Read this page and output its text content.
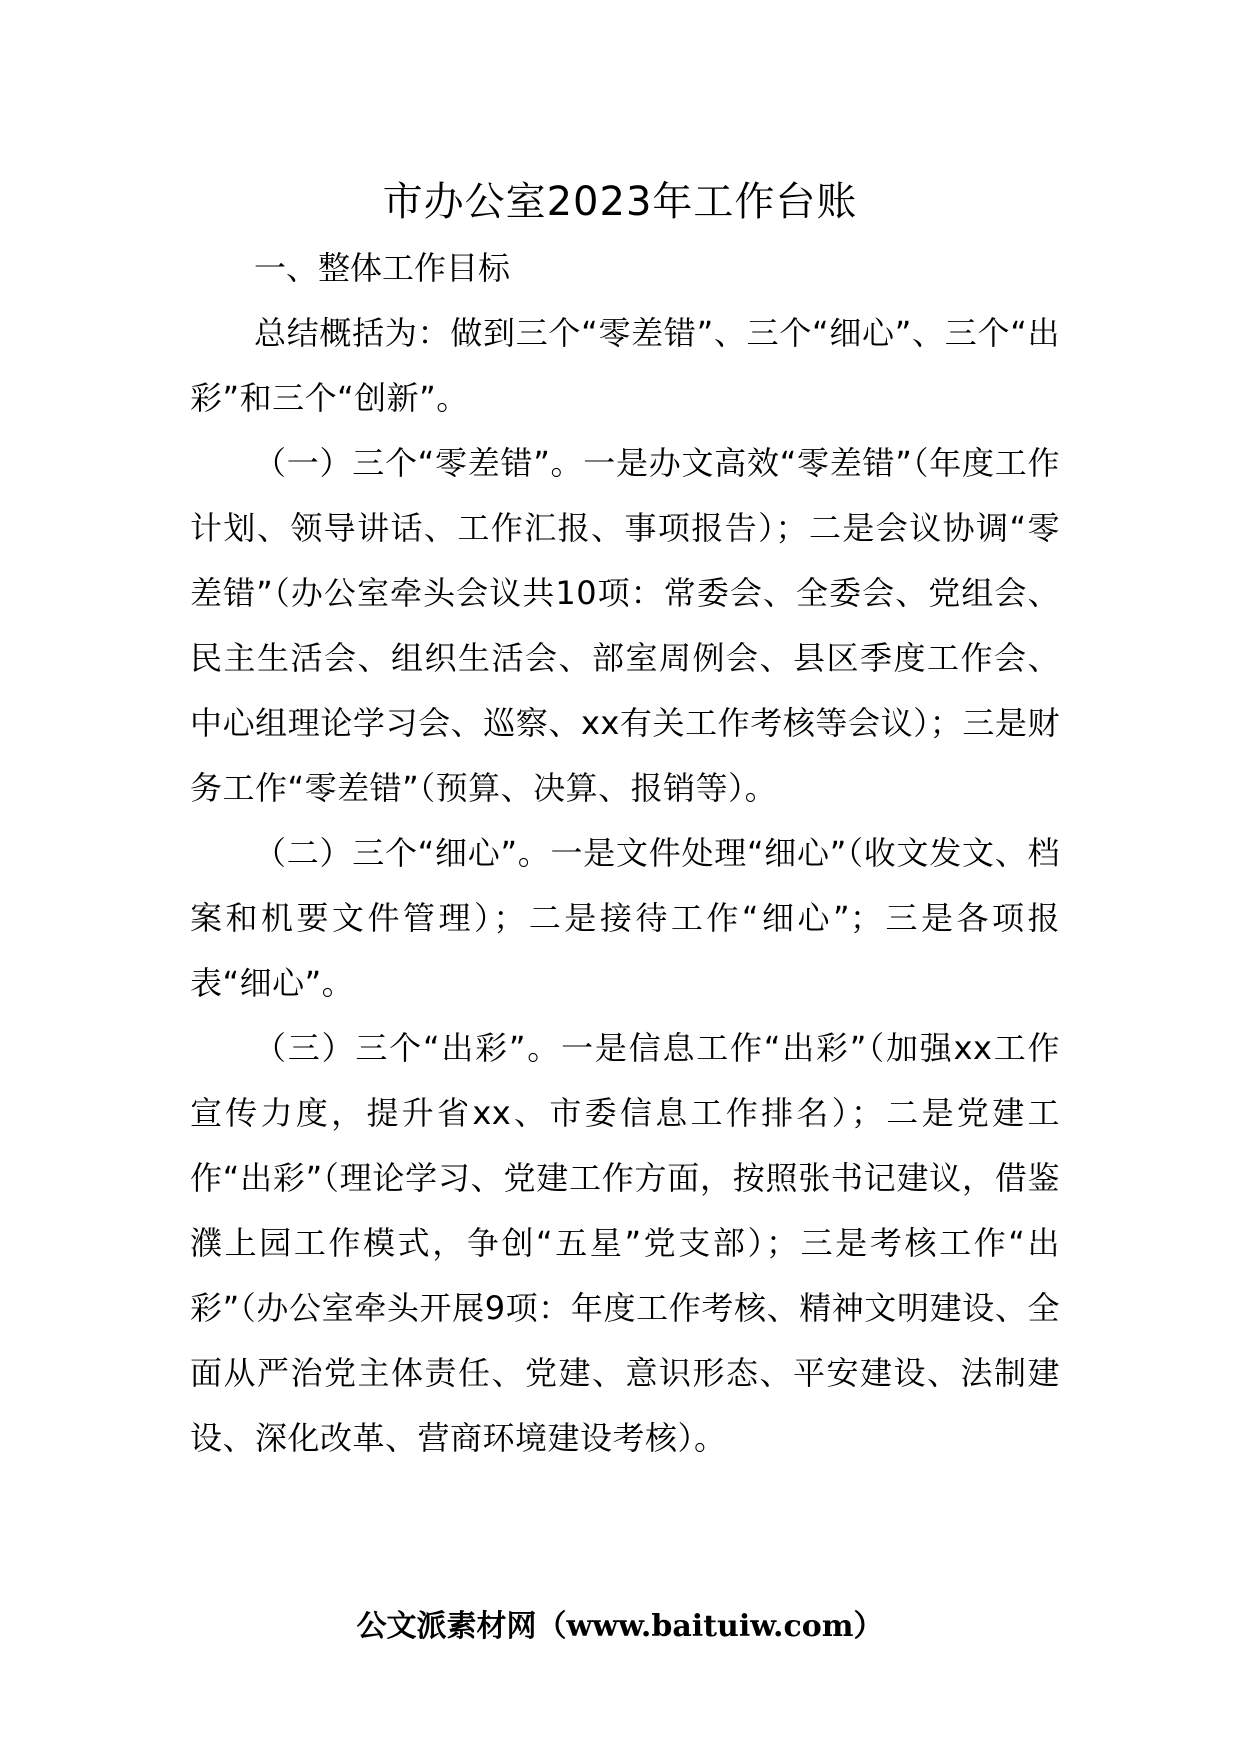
市办公室2023年工作台账

一、整体工作目标

总结概括为：做到三个“零差错”、三个“细心”、三个“出彩”和三个“创新”。

（一）三个“零差错”。一是办文高效“零差错”（年度工作计划、领导讲话、工作汇报、事项报告）；二是会议协调“零差错”（办公室牵头会议共10项：常委会、全委会、党组会、民主生活会、组织生活会、部室周例会、县区季度工作会、中心组理论学习会、巡察、xx有关工作考核等会议）；三是财务工作“零差错”（预算、决算、报销等）。

（二）三个“细心”。一是文件处理“细心”（收文发文、档案和机要文件管理）；二是接待工作“细心”；三是各项报表“细心”。

（三）三个“出彩”。一是信息工作“出彩”（加强xx工作宣传力度，提升省xx、市委信息工作排名）；二是党建工作“出彩”（理论学习、党建工作方面，按照张书记建议，借鉴濮上园工作模式，争创“五星”党支部）；三是考核工作“出彩”（办公室牵头开展9项：年度工作考核、精神文明建设、全面从严治党主体责任、党建、意识形态、平安建设、法制建设、深化改革、营商环境建设考核）。

公文派素材网（www.baituiw.com）
